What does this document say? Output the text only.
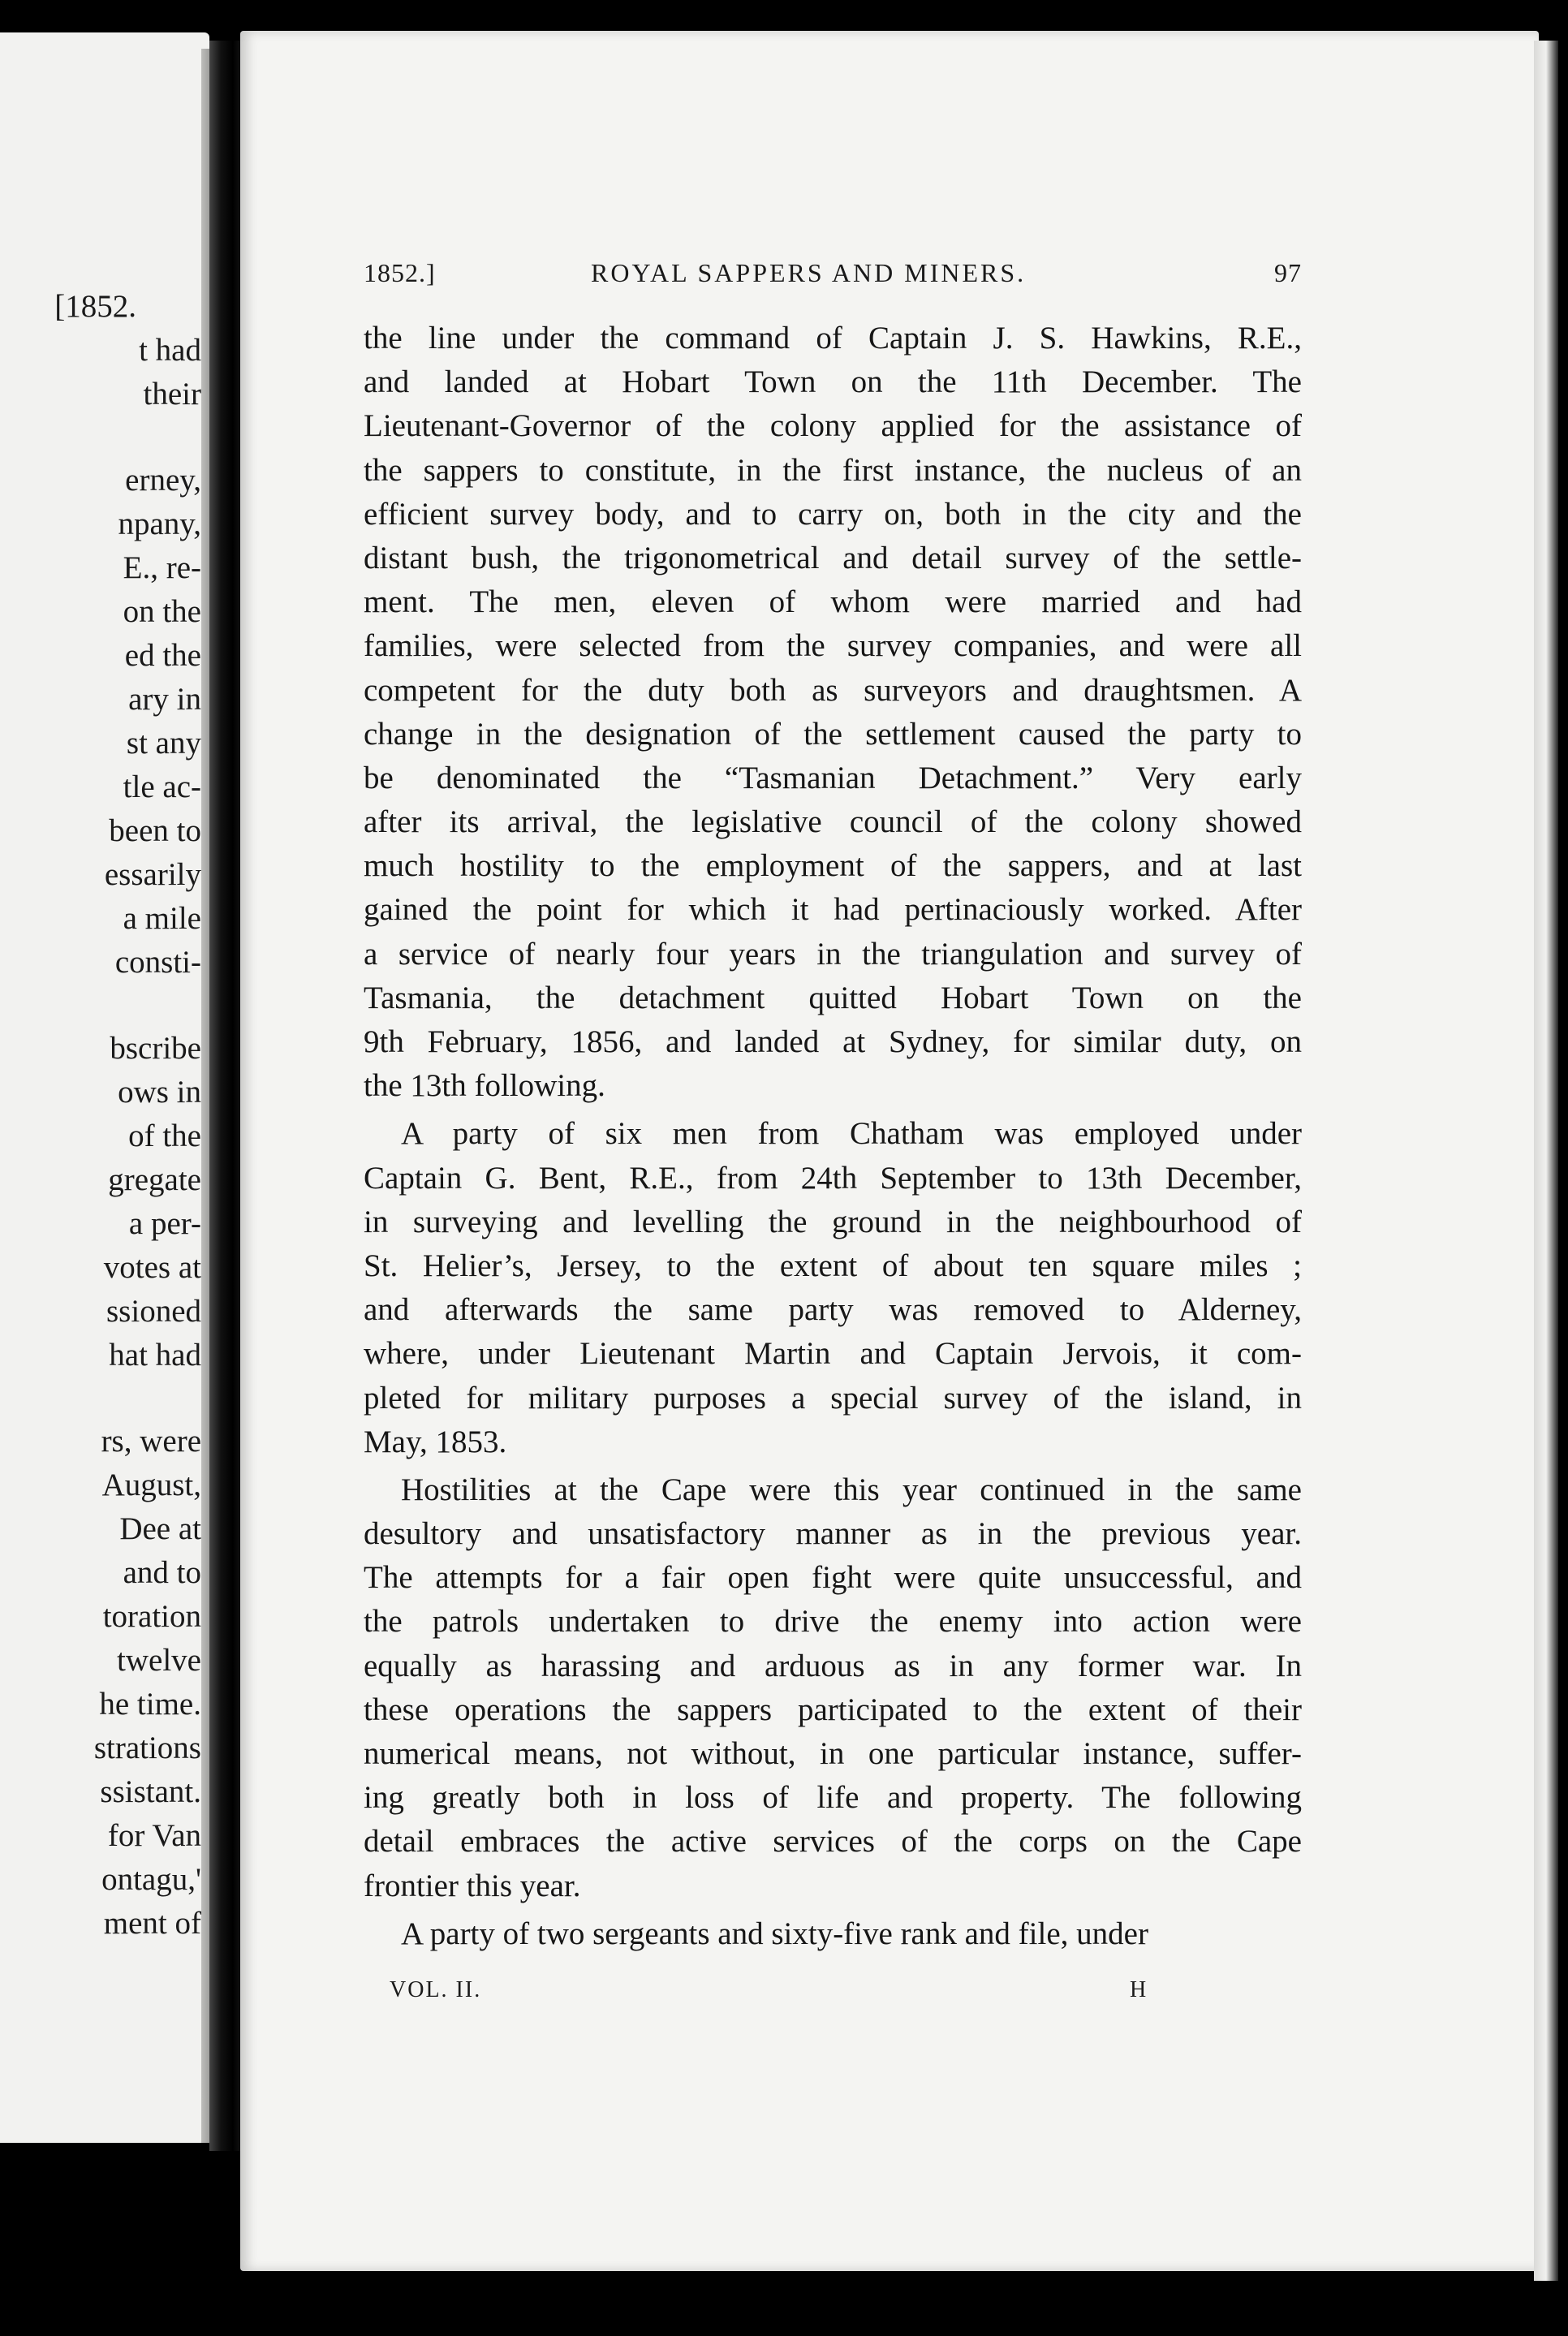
[1852.
t had
their
erney,
npany,
E., re-
on the
ed the
ary in
st any
tle ac-
been to
essarily
a mile
consti-
bscribe
ows in
of the
gregate
a per-
votes at
ssioned
hat had
rs, were
August,
Dee at
and to
toration
twelve
he time.
strations
ssistant.
for Van
ontagu,'
ment of
1852.]	ROYAL SAPPERS AND MINERS.	97
the line under the command of Captain J. S. Hawkins, R.E.,
and landed at Hobart Town on the 11th December. The
Lieutenant-Governor of the colony applied for the assistance of
the sappers to constitute, in the first instance, the nucleus of an
efficient survey body, and to carry on, both in the city and the
distant bush, the trigonometrical and detail survey of the settle-
ment. The men, eleven of whom were married and had
families, were selected from the survey companies, and were all
competent for the duty both as surveyors and draughtsmen. A
change in the designation of the settlement caused the party to
be denominated the “Tasmanian Detachment.” Very early
after its arrival, the legislative council of the colony showed
much hostility to the employment of the sappers, and at last
gained the point for which it had pertinaciously worked. After
a service of nearly four years in the triangulation and survey of
Tasmania, the detachment quitted Hobart Town on the
9th February, 1856, and landed at Sydney, for similar duty, on
the 13th following.
A party of six men from Chatham was employed under
Captain G. Bent, R.E., from 24th September to 13th December,
in surveying and levelling the ground in the neighbourhood of
St. Helier’s, Jersey, to the extent of about ten square miles ;
and afterwards the same party was removed to Alderney,
where, under Lieutenant Martin and Captain Jervois, it com-
pleted for military purposes a special survey of the island, in
May, 1853.
Hostilities at the Cape were this year continued in the same
desultory and unsatisfactory manner as in the previous year.
The attempts for a fair open fight were quite unsuccessful, and
the patrols undertaken to drive the enemy into action were
equally as harassing and arduous as in any former war. In
these operations the sappers participated to the extent of their
numerical means, not without, in one particular instance, suffer-
ing greatly both in loss of life and property. The following
detail embraces the active services of the corps on the Cape
frontier this year.
A party of two sergeants and sixty-five rank and file, under
VOL. II.	H
